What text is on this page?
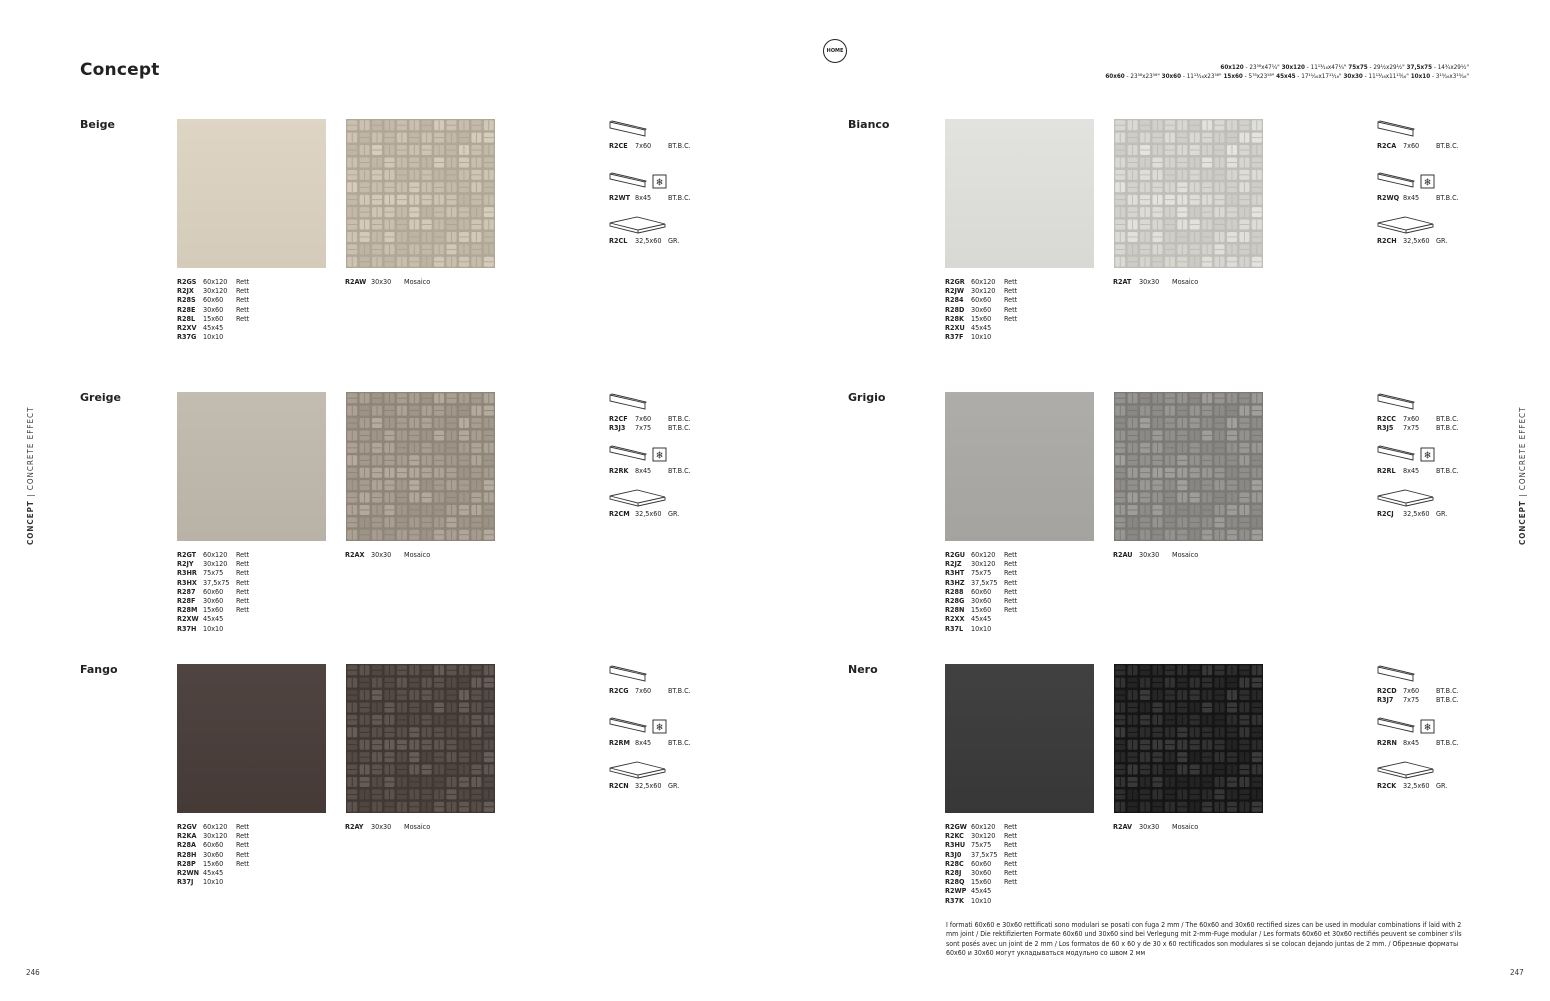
Concept
HOME
60x120 - 23⁵⁸x47¹⁄₄" 30x120 - 11¹³⁄₁₆x47¹⁄₄" 75x75 - 29¹⁄₂x29¹⁄₂" 37,5x75 - 14³⁄₄x29¹⁄₂"
60x60 - 23⁵⁸x23⁵⁸" 30x60 - 11¹³⁄₁₆x23⁵⁸" 15x60 - 5⁷⁸x23⁵⁸" 45x45 - 17¹¹⁄₁₆x17¹¹⁄₁₆" 30x30 - 11¹³⁄₁₆x11¹³⁄₁₆" 10x10 - 3¹⁵⁄₁₆x3¹⁵⁄₁₆"
CONCEPT | CONCRETE EFFECT
CONCEPT | CONCRETE EFFECT
246	247
Beige
R2GS 60x120 Rett
R2JX 30x120 Rett
R28S 60x60 Rett
R28E 30x60 Rett
R28L 15x60 Rett
R2XV 45x45
R37G 10x10
R2AW 30x30 Mosaico
R2CE 7x60 BT.B.C.
❄
R2WT 8x45 BT.B.C.
R2CL 32,5x60 GR.
Bianco
R2GR 60x120 Rett
R2JW 30x120 Rett
R284 60x60 Rett
R28D 30x60 Rett
R28K 15x60 Rett
R2XU 45x45
R37F 10x10
R2AT 30x30 Mosaico
R2CA 7x60 BT.B.C.
❄
R2WQ 8x45 BT.B.C.
R2CH 32,5x60 GR.
Greige
R2GT 60x120 Rett
R2JY 30x120 Rett
R3HR 75x75 Rett
R3HX 37,5x75 Rett
R287 60x60 Rett
R28F 30x60 Rett
R28M 15x60 Rett
R2XW 45x45
R37H 10x10
R2AX 30x30 Mosaico
R2CF 7x60 BT.B.C.
R3J3 7x75 BT.B.C.
❄
R2RK 8x45 BT.B.C.
R2CM 32,5x60 GR.
Grigio
R2GU 60x120 Rett
R2JZ 30x120 Rett
R3HT 75x75 Rett
R3HZ 37,5x75 Rett
R288 60x60 Rett
R28G 30x60 Rett
R28N 15x60 Rett
R2XX 45x45
R37L 10x10
R2AU 30x30 Mosaico
R2CC 7x60 BT.B.C.
R3J5 7x75 BT.B.C.
❄
R2RL 8x45 BT.B.C.
R2CJ 32,5x60 GR.
Fango
R2GV 60x120 Rett
R2KA 30x120 Rett
R28A 60x60 Rett
R28H 30x60 Rett
R28P 15x60 Rett
R2WN 45x45
R37J 10x10
R2AY 30x30 Mosaico
R2CG 7x60 BT.B.C.
❄
R2RM 8x45 BT.B.C.
R2CN 32,5x60 GR.
Nero
R2GW 60x120 Rett
R2KC 30x120 Rett
R3HU 75x75 Rett
R3J0 37,5x75 Rett
R28C 60x60 Rett
R28J 30x60 Rett
R28Q 15x60 Rett
R2WP 45x45
R37K 10x10
R2AV 30x30 Mosaico
R2CD 7x60 BT.B.C.
R3J7 7x75 BT.B.C.
❄
R2RN 8x45 BT.B.C.
R2CK 32,5x60 GR.
I formati 60x60 e 30x60 rettificati sono modulari se posati con fuga 2 mm / The 60x60 and 30x60 rectified sizes can be used in modular combinations if laid with 2 mm joint / Die rektifizierten Formate 60x60 und 30x60 sind bei Verlegung mit 2-mm-Fuge modular / Les formats 60x60 et 30x60 rectifiés peuvent se combiner s'ils sont posés avec un joint de 2 mm / Los formatos de 60 x 60 y de 30 x 60 rectificados son modulares si se colocan dejando juntas de 2 mm. / Обрезные форматы 60x60 и 30x60 могут укладываться модульно со швом 2 мм
